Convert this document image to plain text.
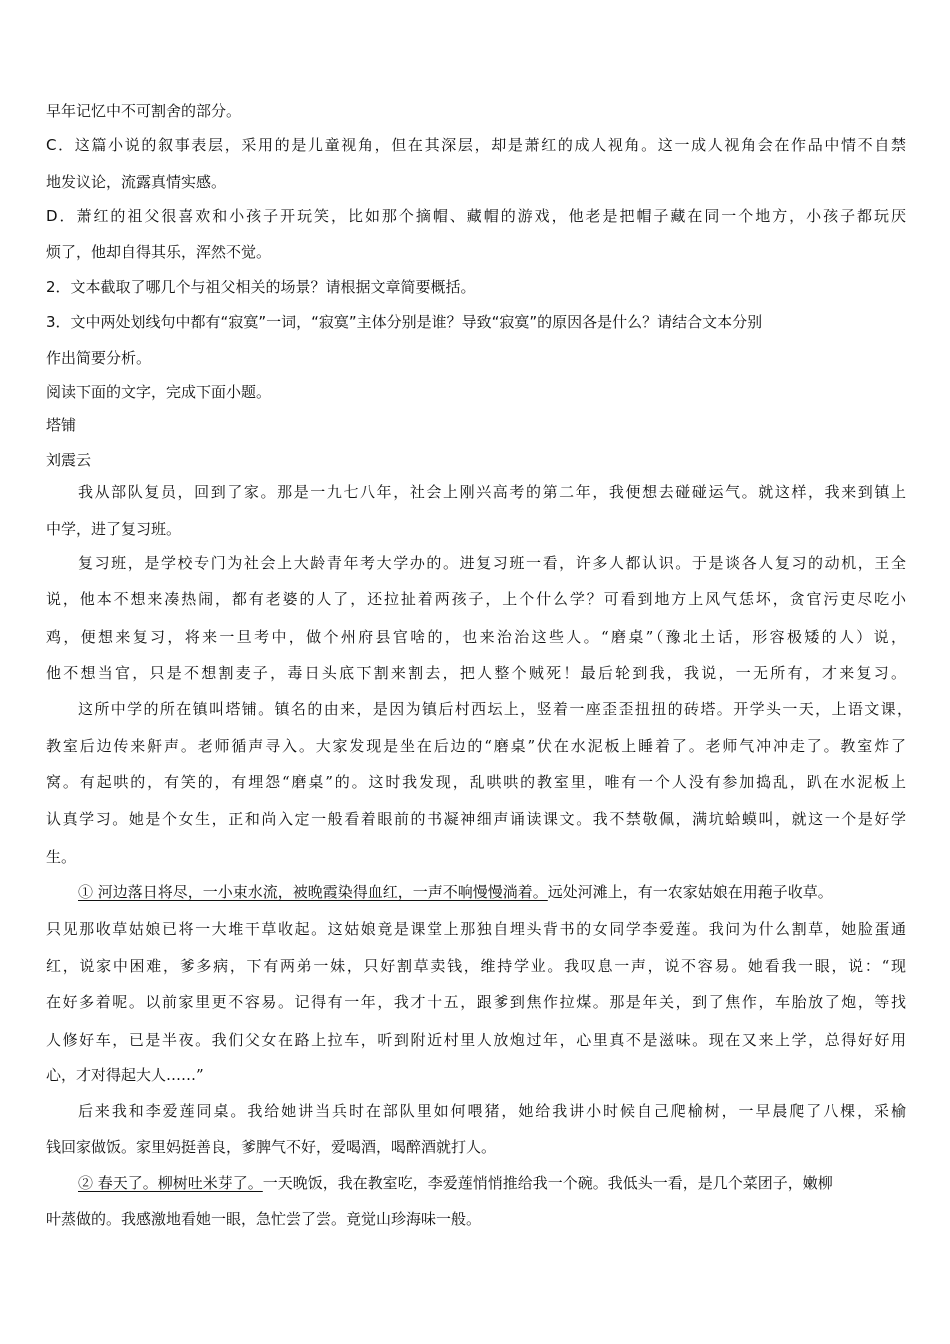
早年记忆中不可割舍的部分。
C．这篇小说的叙事表层，采用的是儿童视角，但在其深层，却是萧红的成人视角。这一成人视角会在作品中情不自禁
地发议论，流露真情实感。
D．萧红的祖父很喜欢和小孩子开玩笑，比如那个摘帽、藏帽的游戏，他老是把帽子藏在同一个地方，小孩子都玩厌
烦了，他却自得其乐，浑然不觉。
2．文本截取了哪几个与祖父相关的场景？请根据文章简要概括。
3．文中两处划线句中都有“寂寞”一词，“寂寞”主体分别是谁？导致“寂寞”的原因各是什么？请结合文本分别
作出简要分析。
阅读下面的文字，完成下面小题。
塔铺
刘震云
我从部队复员，回到了家。那是一九七八年，社会上刚兴高考的第二年，我便想去碰碰运气。就这样，我来到镇上
中学，进了复习班。
复习班，是学校专门为社会上大龄青年考大学办的。进复习班一看，许多人都认识。于是谈各人复习的动机，王全
说，他本不想来凑热闹，都有老婆的人了，还拉扯着两孩子，上个什么学？可看到地方上风气恁坏，贪官污吏尽吃小
鸡，便想来复习，将来一旦考中，做个州府县官啥的，也来治治这些人。“磨桌”（豫北土话，形容极矮的人）说，
他不想当官，只是不想割麦子，毒日头底下割来割去，把人整个贼死！最后轮到我，我说，一无所有，才来复习。
这所中学的所在镇叫塔铺。镇名的由来，是因为镇后村西坛上，竖着一座歪歪扭扭的砖塔。开学头一天，上语文课，
教室后边传来鼾声。老师循声寻入。大家发现是坐在后边的“磨桌”伏在水泥板上睡着了。老师气冲冲走了。教室炸了
窝。有起哄的，有笑的，有埋怨“磨桌”的。这时我发现，乱哄哄的教室里，唯有一个人没有参加捣乱，趴在水泥板上
认真学习。她是个女生，正和尚入定一般看着眼前的书凝神细声诵读课文。我不禁敬佩，满坑蛤蟆叫，就这一个是好学
生。
① 河边落日将尽，一小束水流，被晚霞染得血红，一声不响慢慢淌着。远处河滩上，有一农家姑娘在用菢子收草。
只见那收草姑娘已将一大堆干草收起。这姑娘竟是课堂上那独自埋头背书的女同学李爱莲。我问为什么割草，她脸蛋通
红，说家中困难，爹多病，下有两弟一妹，只好割草卖钱，维持学业。我叹息一声，说不容易。她看我一眼，说：“现
在好多着呢。以前家里更不容易。记得有一年，我才十五，跟爹到焦作拉煤。那是年关，到了焦作，车胎放了炮，等找
人修好车，已是半夜。我们父女在路上拉车，听到附近村里人放炮过年，心里真不是滋味。现在又来上学，总得好好用
心，才对得起大人……”
后来我和李爱莲同桌。我给她讲当兵时在部队里如何喂猪，她给我讲小时候自己爬榆树，一早晨爬了八棵，采榆
钱回家做饭。家里妈挺善良，爹脾气不好，爱喝酒，喝醉酒就打人。
② 春天了。柳树吐米芽了。一天晚饭，我在教室吃，李爱莲悄悄推给我一个碗。我低头一看，是几个菜团子，嫩柳
叶蒸做的。我感激地看她一眼，急忙尝了尝。竟觉山珍海味一般。
